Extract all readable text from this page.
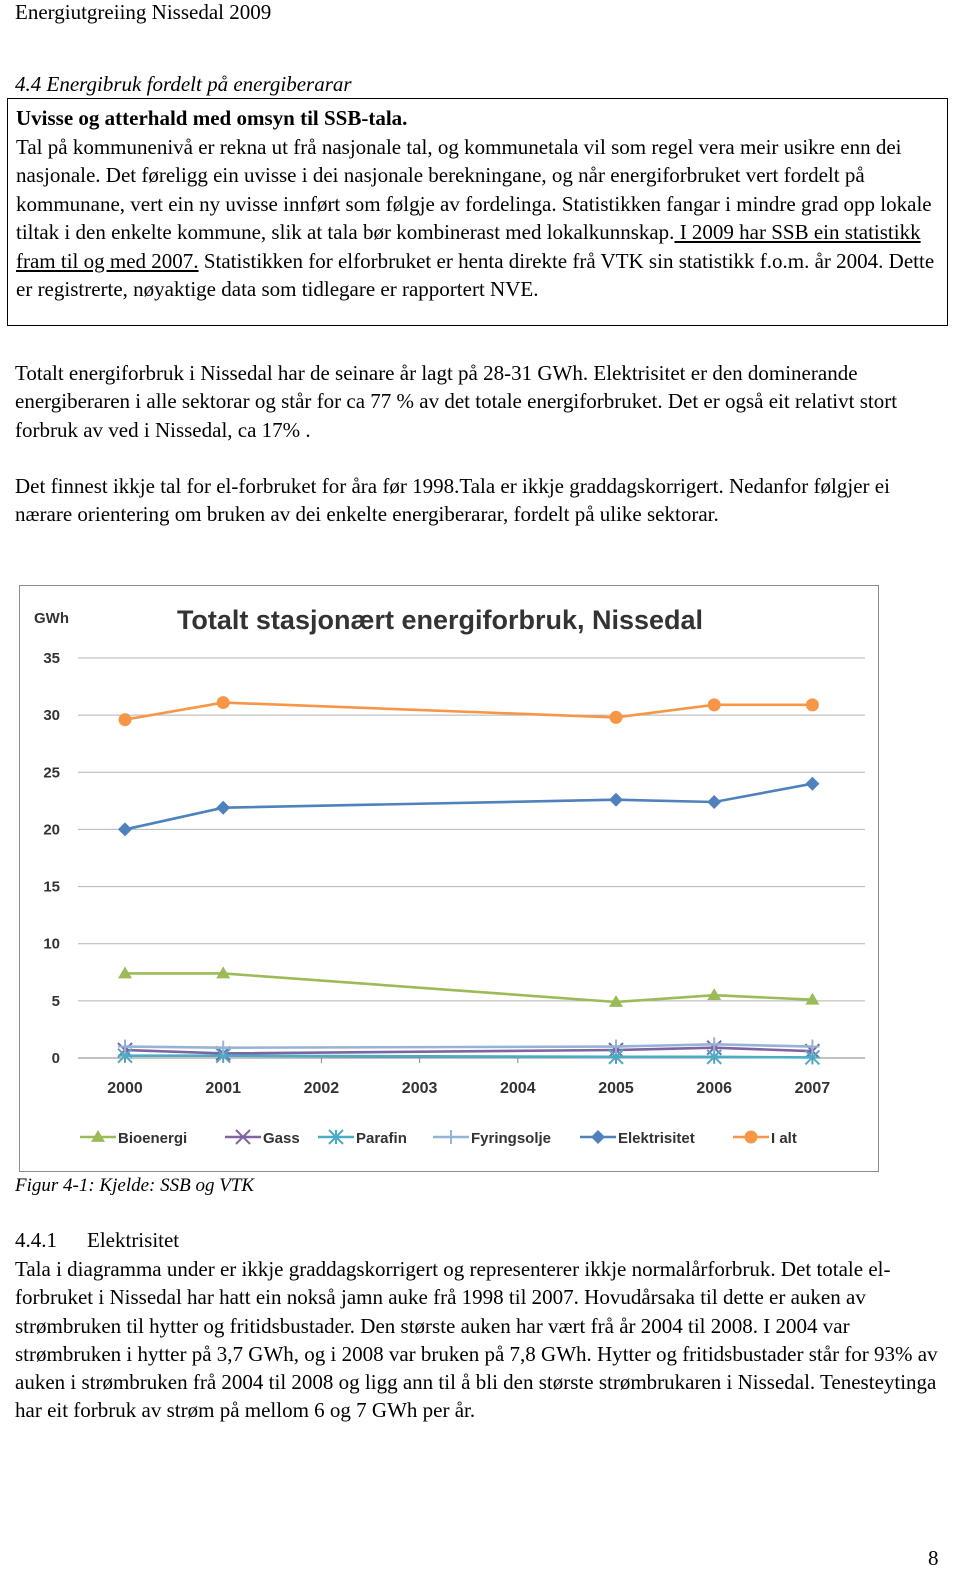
Energiutgreiing Nissedal 2009
4.4 Energibruk fordelt på energiberarar
Uvisse og atterhald med omsyn til SSB-tala.
Tal på kommunenivå er rekna ut frå nasjonale tal, og kommunetala vil som regel vera meir usikre enn dei nasjonale. Det føreligg ein uvisse i dei nasjonale berekningane, og når energiforbruket vert fordelt på kommunane, vert ein ny uvisse innført som følgje av fordelinga. Statistikken fangar i mindre grad opp lokale tiltak i den enkelte kommune, slik at tala bør kombinerast med lokalkunnskap. I 2009 har SSB ein statistikk fram til og med 2007. Statistikken for elforbruket er henta direkte frå VTK sin statistikk f.o.m. år 2004. Dette er registrerte, nøyaktige data som tidlegare er rapportert NVE.
Totalt energiforbruk i Nissedal har de seinare år lagt på 28-31 GWh. Elektrisitet er den dominerande energiberaren i alle sektorar og står for ca 77 % av det totale energiforbruket. Det er også eit relativt stort forbruk av ved i Nissedal, ca 17% .
Det finnest ikkje tal for el-forbruket for åra før 1998.Tala er ikkje graddagskorrigert. Nedanfor følgjer ei nærare orientering om bruken av dei enkelte energiberarar, fordelt på ulike sektorar.
0
5
10
15
20
25
30
35
2000	2001	2002	2003	2004	2005	2006	2007
Bioenergi	Gass	Parafin	Fyringsolje	Elektrisitet	I alt
Totalt stasjonært energiforbruk, Nissedal
GWh
Figur 4-1: Kjelde: SSB og VTK
4.4.1 Elektrisitet
Tala i diagramma under er ikkje graddagskorrigert og representerer ikkje normalårforbruk. Det totale el-forbruket i Nissedal har hatt ein nokså jamn auke frå 1998 til 2007. Hovudårsaka til dette er auken av strømbruken til hytter og fritidsbustader. Den største auken har vært frå år 2004 til 2008. I 2004 var strømbruken i hytter på 3,7 GWh, og i 2008 var bruken på 7,8 GWh. Hytter og fritidsbustader står for 93% av auken i strømbruken frå 2004 til 2008 og ligg ann til å bli den største strømbrukaren i Nissedal. Tenesteytinga har eit forbruk av strøm på mellom 6 og 7 GWh per år.
8
